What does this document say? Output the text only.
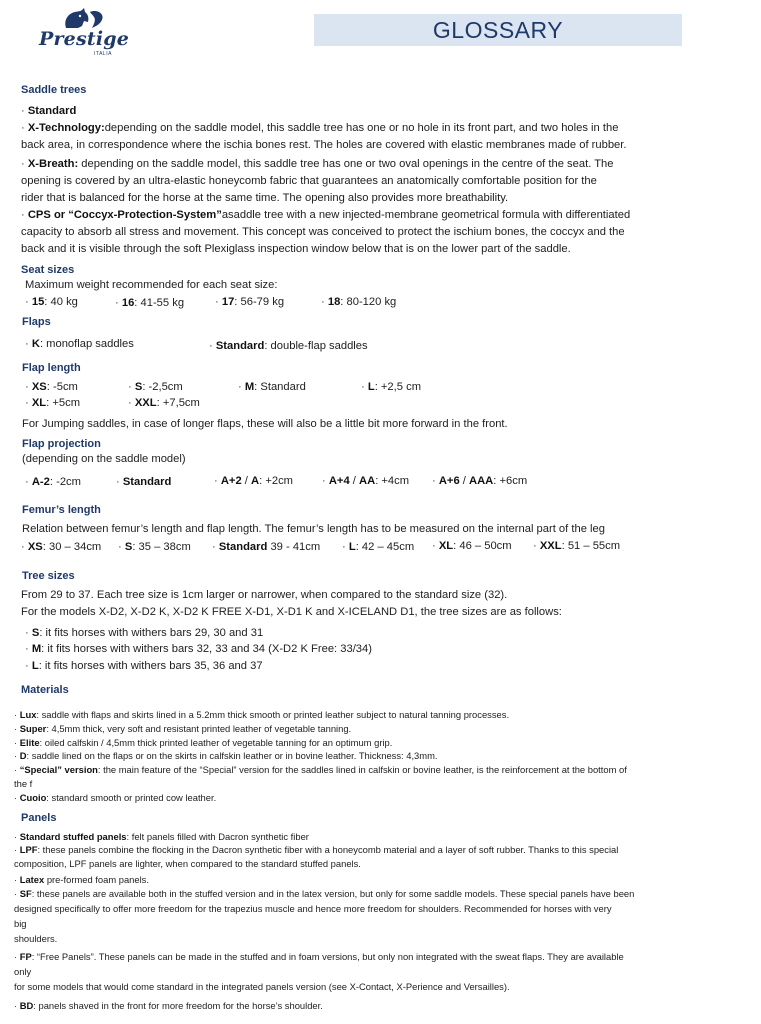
Prestige
ITALIA
GLOSSARY
Saddle trees
· Standard
· X-Technology:depending on the saddle model, this saddle tree has one or no hole in its front part, and two holes in the
back area, in correspondence where the ischia bones rest. The holes are covered with elastic membranes made of rubber.
· X-Breath: depending on the saddle model, this saddle tree has one or two oval openings in the centre of the seat. The
opening is covered by an ultra-elastic honeycomb fabric that guarantees an anatomically comfortable position for the
rider that is balanced for the horse at the same time. The opening also provides more breathability.
· CPS or “Coccyx-Protection-System”asaddle tree with a new injected-membrane geometrical formula with differentiated
capacity to absorb all stress and movement. This concept was conceived to protect the ischium bones, the coccyx and the
back and it is visible through the soft Plexiglass inspection window below that is on the lower part of the saddle.
Seat sizes
Maximum weight recommended for each seat size:
· 15: 40 kg	· 16: 41-55 kg	· 17: 56-79 kg	· 18: 80-120 kg
Flaps
· K: monoflap saddles	· Standard: double-flap saddles
Flap length
· XS: -5cm	· S: -2,5cm	· M: Standard	· L: +2,5 cm
· XL: +5cm	· XXL: +7,5cm
For Jumping saddles, in case of longer flaps, these will also be a little bit more forward in the front.
Flap projection
(depending on the saddle model)
· A-2: -2cm	· Standard	· A+2 / A: +2cm	· A+4 / AA: +4cm · A+6 / AAA: +6cm
Femur’s length
Relation between femur’s length and flap length. The femur’s length has to be measured on the internal part of the leg
· XS: 30 – 34cm · S: 35 – 38cm · Standard 39 - 41cm · L: 42 – 45cm · XL: 46 – 50cm · XXL: 51 – 55cm
Tree sizes
From 29 to 37. Each tree size is 1cm larger or narrower, when compared to the standard size (32).
For the models X-D2, X-D2 K, X-D2 K FREE X-D1, X-D1 K and X-ICELAND D1, the tree sizes are as follows:
· S: it fits horses with withers bars 29, 30 and 31
· M: it fits horses with withers bars 32, 33 and 34 (X-D2 K Free: 33/34)
· L: it fits horses with withers bars 35, 36 and 37
Materials
· Lux: saddle with flaps and skirts lined in a 5.2mm thick smooth or printed leather subject to natural tanning processes.
· Super: 4,5mm thick, very soft and resistant printed leather of vegetable tanning.
· Elite: oiled calfskin / 4,5mm thick printed leather of vegetable tanning for an optimum grip.
· D: saddle lined on the flaps or on the skirts in calfskin leather or in bovine leather. Thickness: 4,3mm.
· “Special” version: the main feature of the “Special” version for the saddles lined in calfskin or bovine leather, is the reinforcement at the bottom of
the f
· Cuoio: standard smooth or printed cow leather.
Panels
· Standard stuffed panels: felt panels filled with Dacron synthetic fiber
· LPF: these panels combine the flocking in the Dacron synthetic fiber with a honeycomb material and a layer of soft rubber. Thanks to this special
composition, LPF panels are lighter, when compared to the standard stuffed panels.
· Latex pre-formed foam panels.
· SF: these panels are available both in the stuffed version and in the latex version, but only for some saddle models. These special panels have been
designed specifically to offer more freedom for the trapezius muscle and hence more freedom for shoulders. Recommended for horses with very
big
shoulders.
· FP: “Free Panels”. These panels can be made in the stuffed and in foam versions, but only non integrated with the sweat flaps. They are available
only
for some models that would come standard in the integrated panels version (see X-Contact, X-Perience and Versailles).
· BD: panels shaved in the front for more freedom for the horse’s shoulder.
